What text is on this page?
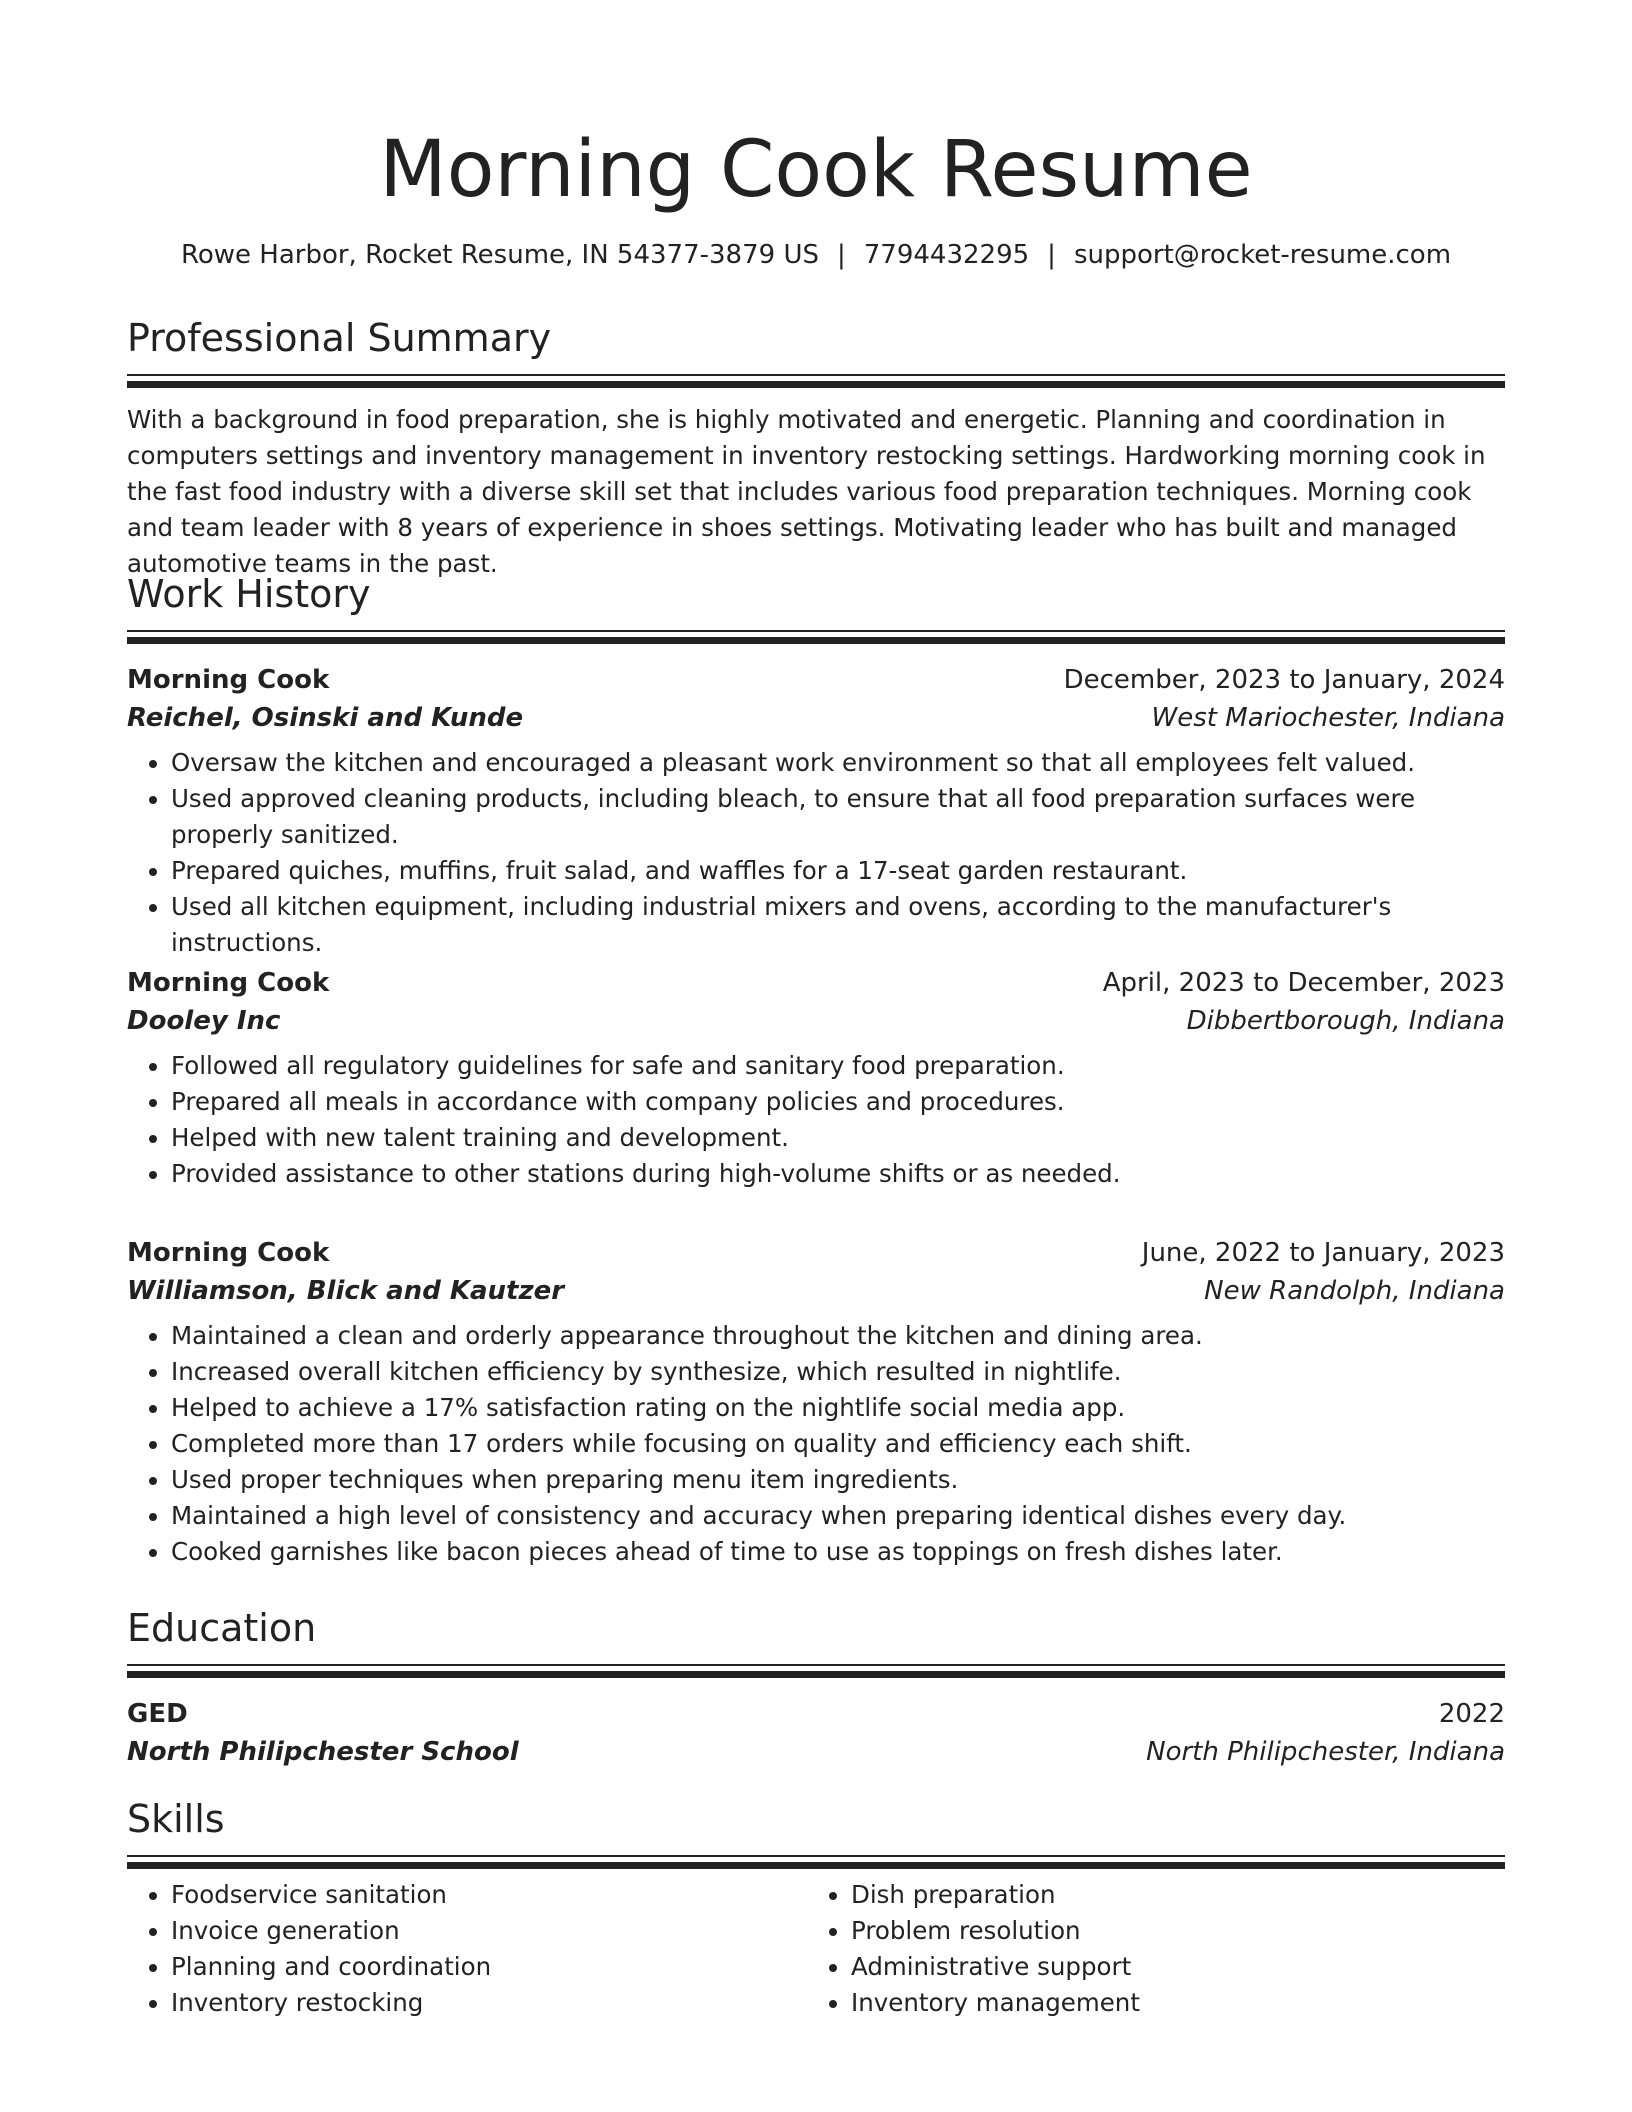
Morning Cook Resume
Rowe Harbor, Rocket Resume, IN 54377-3879 US | 7794432295 | support@rocket-resume.com
Professional Summary
With a background in food preparation, she is highly motivated and energetic. Planning and coordination in computers settings and inventory management in inventory restocking settings. Hardworking morning cook in the fast food industry with a diverse skill set that includes various food preparation techniques. Morning cook and team leader with 8 years of experience in shoes settings. Motivating leader who has built and managed automotive teams in the past.
Work History
Morning Cook	December, 2023 to January, 2024
Reichel, Osinski and Kunde	West Mariochester, Indiana
• Oversaw the kitchen and encouraged a pleasant work environment so that all employees felt valued.
• Used approved cleaning products, including bleach, to ensure that all food preparation surfaces were properly sanitized.
• Prepared quiches, muffins, fruit salad, and waffles for a 17-seat garden restaurant.
• Used all kitchen equipment, including industrial mixers and ovens, according to the manufacturer's instructions.
Morning Cook	April, 2023 to December, 2023
Dooley Inc	Dibbertborough, Indiana
• Followed all regulatory guidelines for safe and sanitary food preparation.
• Prepared all meals in accordance with company policies and procedures.
• Helped with new talent training and development.
• Provided assistance to other stations during high-volume shifts or as needed.
Morning Cook	June, 2022 to January, 2023
Williamson, Blick and Kautzer	New Randolph, Indiana
• Maintained a clean and orderly appearance throughout the kitchen and dining area.
• Increased overall kitchen efficiency by synthesize, which resulted in nightlife.
• Helped to achieve a 17% satisfaction rating on the nightlife social media app.
• Completed more than 17 orders while focusing on quality and efficiency each shift.
• Used proper techniques when preparing menu item ingredients.
• Maintained a high level of consistency and accuracy when preparing identical dishes every day.
• Cooked garnishes like bacon pieces ahead of time to use as toppings on fresh dishes later.
Education
GED	2022
North Philipchester School	North Philipchester, Indiana
Skills
• Foodservice sanitation
• Invoice generation
• Planning and coordination
• Inventory restocking
• Dish preparation
• Problem resolution
• Administrative support
• Inventory management
